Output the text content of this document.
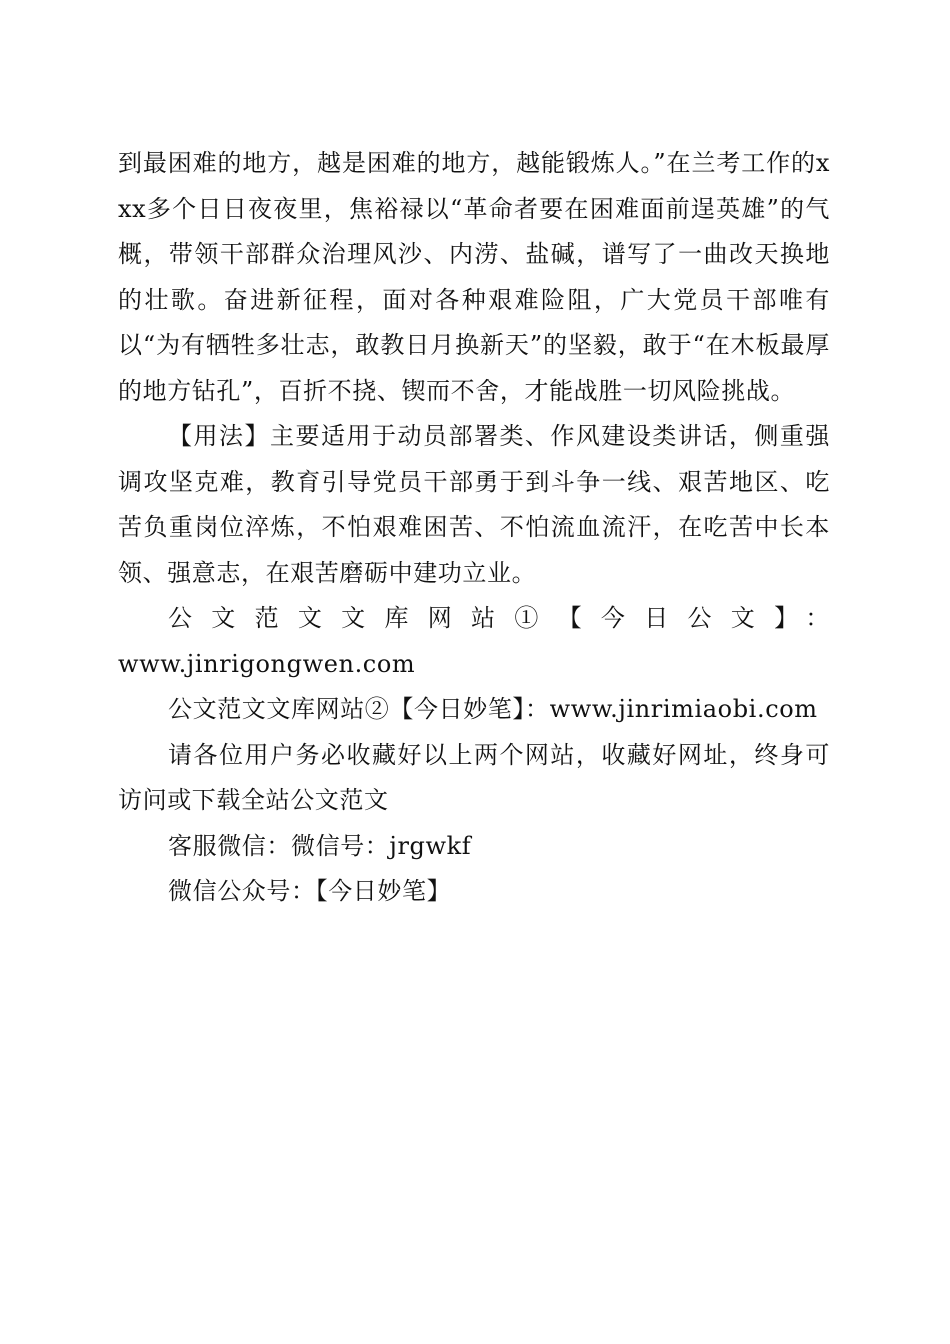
到最困难的地方，越是困难的地方，越能锻炼人。”在兰考工作的xxx多个日日夜夜里，焦裕禄以“革命者要在困难面前逞英雄”的气概，带领干部群众治理风沙、内涝、盐碱，谱写了一曲改天换地的壮歌。奋进新征程，面对各种艰难险阻，广大党员干部唯有以“为有牺牲多壮志，敢教日月换新天”的坚毅，敢于“在木板最厚的地方钻孔”，百折不挠、锲而不舍，才能战胜一切风险挑战。

【用法】主要适用于动员部署类、作风建设类讲话，侧重强调攻坚克难，教育引导党员干部勇于到斗争一线、艰苦地区、吃苦负重岗位淬炼，不怕艰难困苦、不怕流血流汗，在吃苦中长本领、强意志，在艰苦磨砺中建功立业。

公文范文文库网站①【今日公文】：

www.jinrigongwen.com

公文范文文库网站②【今日妙笔】：www.jinrimiaobi.com

请各位用户务必收藏好以上两个网站，收藏好网址，终身可访问或下载全站公文范文

客服微信：微信号：jrgwkf

微信公众号：【今日妙笔】
